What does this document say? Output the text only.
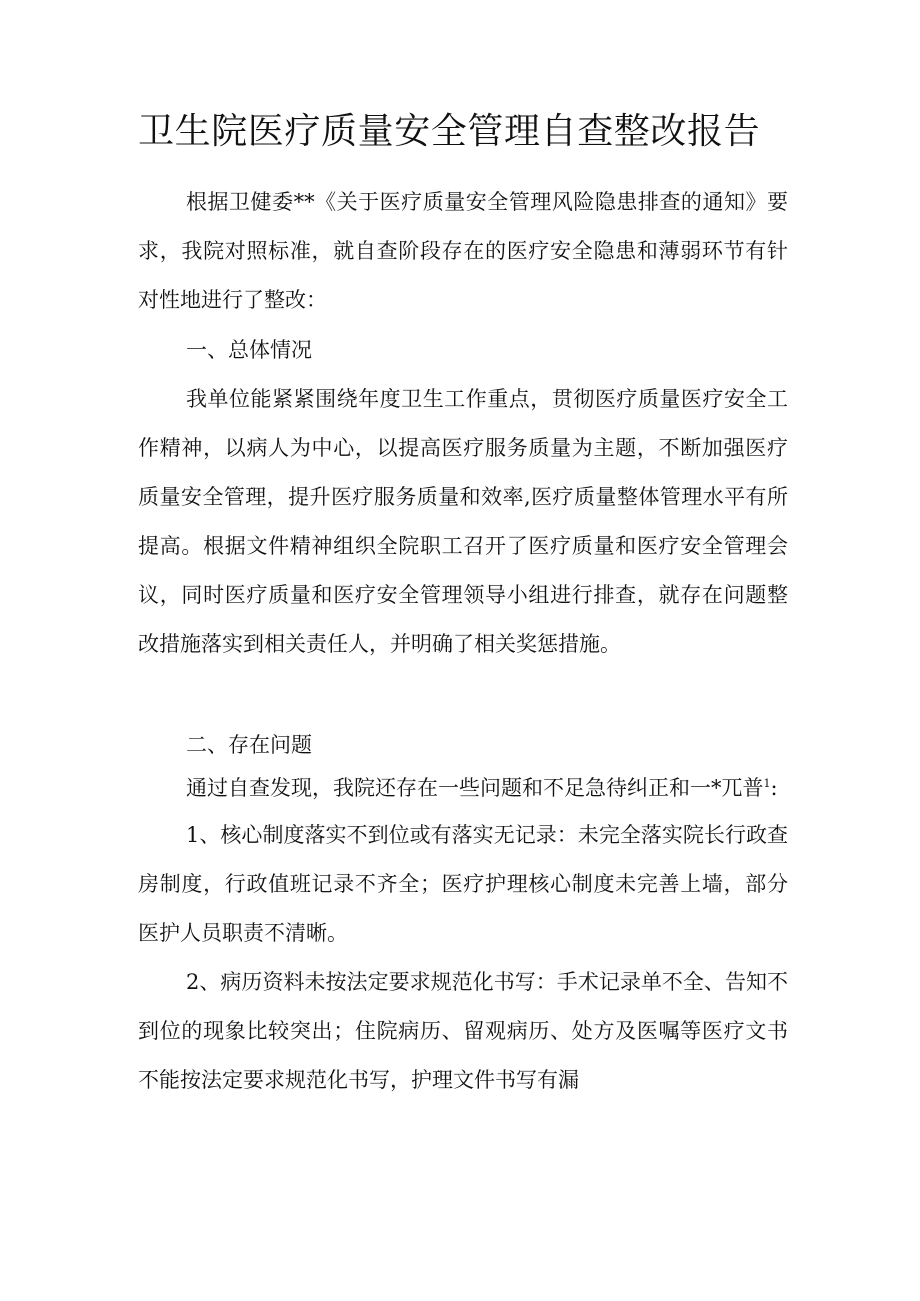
卫生院医疗质量安全管理自查整改报告

根据卫健委**《关于医疗质量安全管理风险隐患排查的通知》要求，我院对照标准，就自查阶段存在的医疗安全隐患和薄弱环节有针对性地进行了整改：

一、总体情况

我单位能紧紧围绕年度卫生工作重点，贯彻医疗质量医疗安全工作精神，以病人为中心，以提高医疗服务质量为主题，不断加强医疗质量安全管理，提升医疗服务质量和效率,医疗质量整体管理水平有所提高。根据文件精神组织全院职工召开了医疗质量和医疗安全管理会议，同时医疗质量和医疗安全管理领导小组进行排查，就存在问题整改措施落实到相关责任人，并明确了相关奖惩措施。

二、存在问题

通过自查发现，我院还存在一些问题和不足急待纠正和一*兀普$^1$:

1、核心制度落实不到位或有落实无记录：未完全落实院长行政查房制度，行政值班记录不齐全；医疗护理核心制度未完善上墙，部分医护人员职责不清晰。

2、病历资料未按法定要求规范化书写：手术记录单不全、告知不到位的现象比较突出；住院病历、留观病历、处方及医嘱等医疗文书不能按法定要求规范化书写，护理文件书写有漏
